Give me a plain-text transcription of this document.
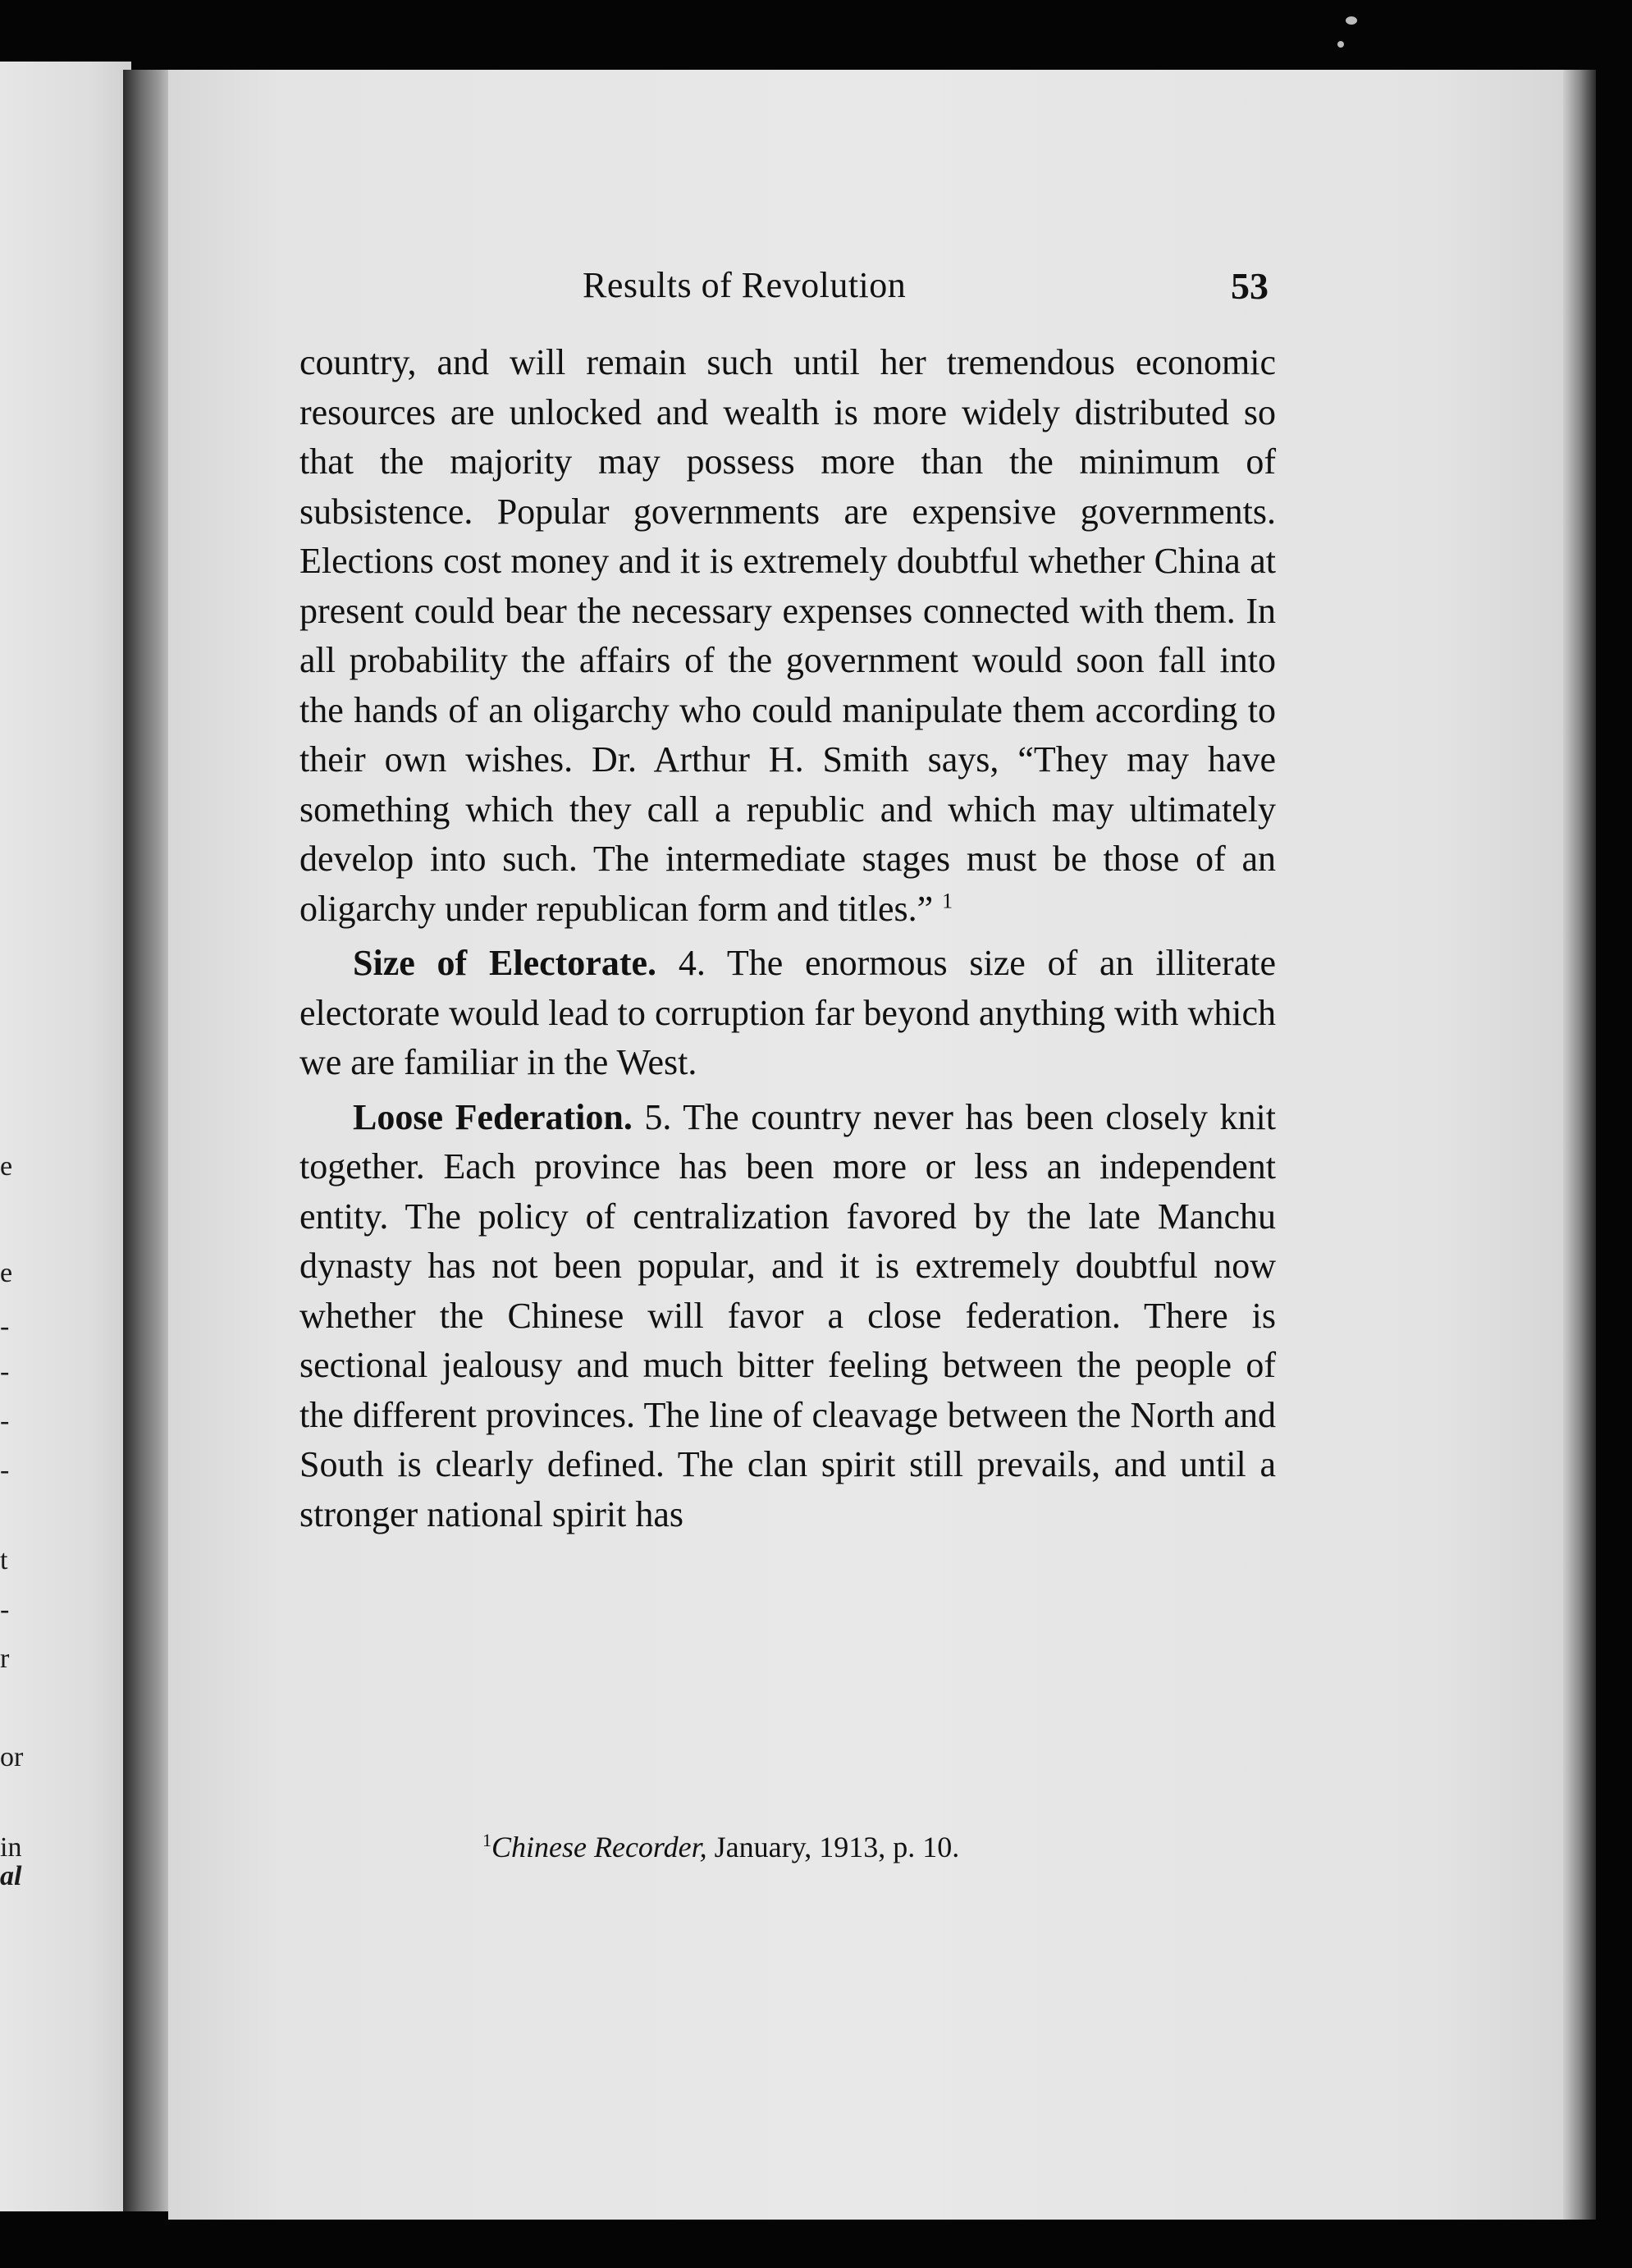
e
e
-
-
-
-
t
-
r
or
in
al
Results of Revolution	53

country, and will remain such until her tremendous economic resources are unlocked and wealth is more widely distributed so that the majority may possess more than the minimum of subsistence. Popular governments are expensive governments. Elections cost money and it is extremely doubtful whether China at present could bear the necessary expenses connected with them. In all probability the affairs of the government would soon fall into the hands of an oligarchy who could manipulate them according to their own wishes. Dr. Arthur H. Smith says, “They may have something which they call a republic and which may ultimately develop into such. The intermediate stages must be those of an oligarchy under republican form and titles.” $^1$

Size of Electorate. 4. The enormous size of an illiterate electorate would lead to corruption far beyond anything with which we are familiar in the West.

Loose Federation. 5. The country never has been closely knit together. Each province has been more or less an independent entity. The policy of centralization favored by the late Manchu dynasty has not been popular, and it is extremely doubtful now whether the Chinese will favor a close federation. There is sectional jealousy and much bitter feeling between the people of the different provinces. The line of cleavage between the North and South is clearly defined. The clan spirit still prevails, and until a stronger national spirit has

$^1$Chinese Recorder, January, 1913, p. 10.
